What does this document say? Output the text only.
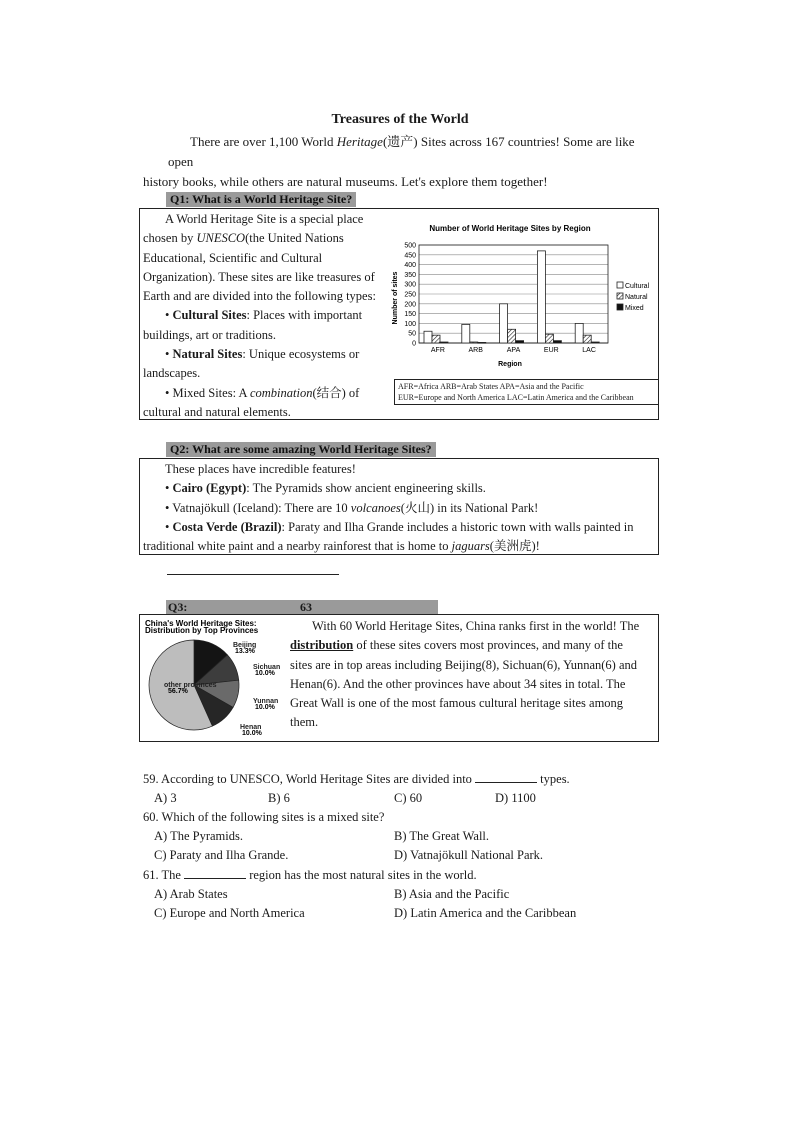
Treasures of the World
There are over 1,100 World Heritage(遗产) Sites across 167 countries! Some are like open
history books, while others are natural museums. Let's explore them together!
Q1: What is a World Heritage Site?

A World Heritage Site is a special place

chosen by UNESCO(the United Nations

Educational, Scientific and Cultural

Organization). These sites are like treasures of

Earth and are divided into the following types:

• Cultural Sites: Places with important

buildings, art or traditions.

• Natural Sites: Unique ecosystems or

landscapes.

• Mixed Sites: A combination(结合) of

cultural and natural elements.

Number of World Heritage Sites by Region
0
50
100
150
200
250
300
350
400
450
500
AFR	ARB	APA	EUR	LAC
Region
Number of sites	Cultural
Natural
Mixed
AFR=Africa ARB=Arab States APA=Asia and the Pacific
EUR=Europe and North America LAC=Latin America and the Caribbean
Q2: What are some amazing World Heritage Sites?

These places have incredible features!

• Cairo (Egypt): The Pyramids show ancient engineering skills.

• Vatnajökull (Iceland): There are 10 volcanoes(火山) in its National Park!

• Costa Verde (Brazil): Paraty and Ilha Grande includes a historic town with walls painted in

traditional white paint and a nearby rainforest that is home to jaguars(美洲虎)!

Q3:	63
China's World Heritage Sites:
Distribution by Top Provinces
Beijing
13.3%
Sichuan
10.0%
Yunnan
10.0%
Henan
10.0%
other provinces
56.7%

With 60 World Heritage Sites, China ranks first in the world! The

distribution of these sites covers most provinces, and many of the

sites are in top areas including Beijing(8), Sichuan(6), Yunnan(6) and

Henan(6). And the other provinces have about 34 sites in total. The

Great Wall is one of the most famous cultural heritage sites among

them.

59. According to UNESCO, World Heritage Sites are divided into	types.
A) 3	B) 6	C) 60	D) 1100
60. Which of the following sites is a mixed site?
A) The Pyramids.	B) The Great Wall.
C) Paraty and Ilha Grande.	D) Vatnajökull National Park.
61. The	region has the most natural sites in the world.
A) Arab States	B) Asia and the Pacific
C) Europe and North America	D) Latin America and the Caribbean
